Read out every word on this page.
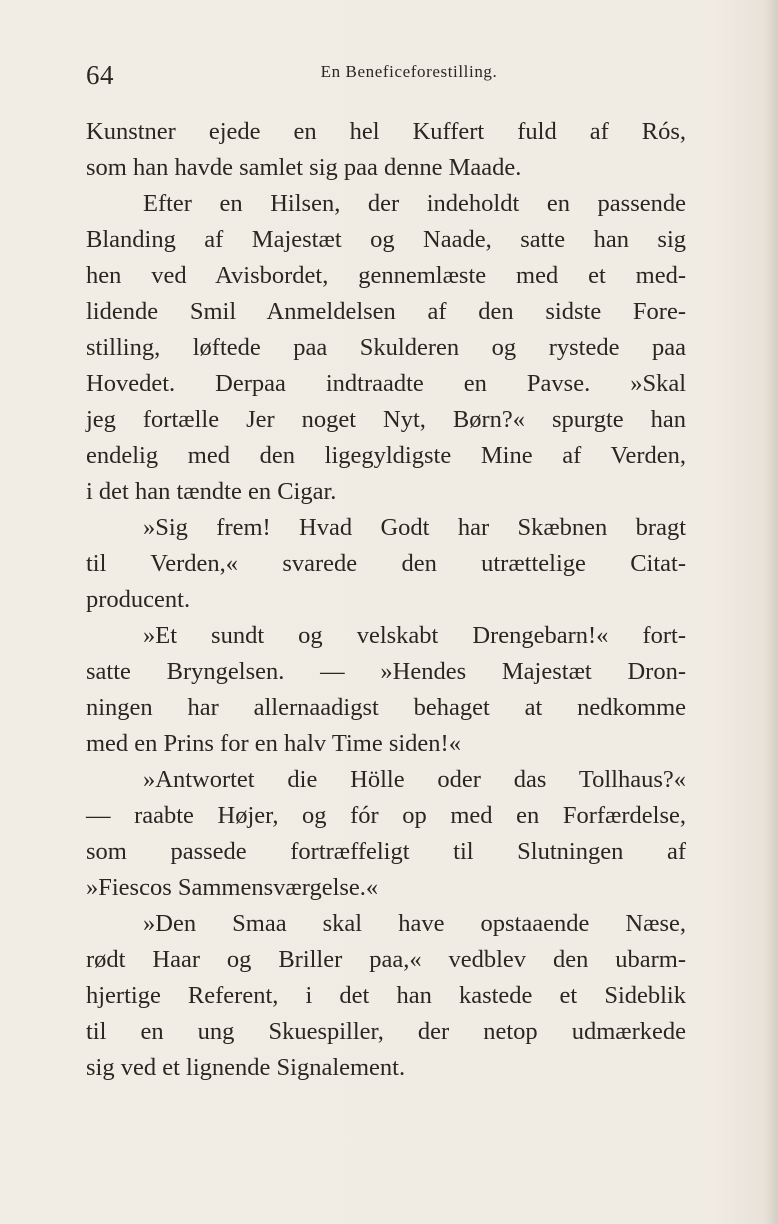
64	En Beneficeforestilling.
Kunstner ejede en hel Kuffert fuld af Rós,
som han havde samlet sig paa denne Maade.
Efter en Hilsen, der indeholdt en passende
Blanding af Majestæt og Naade, satte han sig
hen ved Avisbordet, gennemlæste med et med-
lidende Smil Anmeldelsen af den sidste Fore-
stilling, løftede paa Skulderen og rystede paa
Hovedet. Derpaa indtraadte en Pavse. »Skal
jeg fortælle Jer noget Nyt, Børn?« spurgte han
endelig med den ligegyldigste Mine af Verden,
i det han tændte en Cigar.
»Sig frem! Hvad Godt har Skæbnen bragt
til Verden,« svarede den utrættelige Citat-
producent.
»Et sundt og velskabt Drengebarn!« fort-
satte Bryngelsen. — »Hendes Majestæt Dron-
ningen har allernaadigst behaget at nedkomme
med en Prins for en halv Time siden!«
»Antwortet die Hölle oder das Tollhaus?«
— raabte Højer, og fór op med en Forfærdelse,
som passede fortræffeligt til Slutningen af
»Fiescos Sammensværgelse.«
»Den Smaa skal have opstaaende Næse,
rødt Haar og Briller paa,« vedblev den ubarm-
hjertige Referent, i det han kastede et Sideblik
til en ung Skuespiller, der netop udmærkede
sig ved et lignende Signalement.
